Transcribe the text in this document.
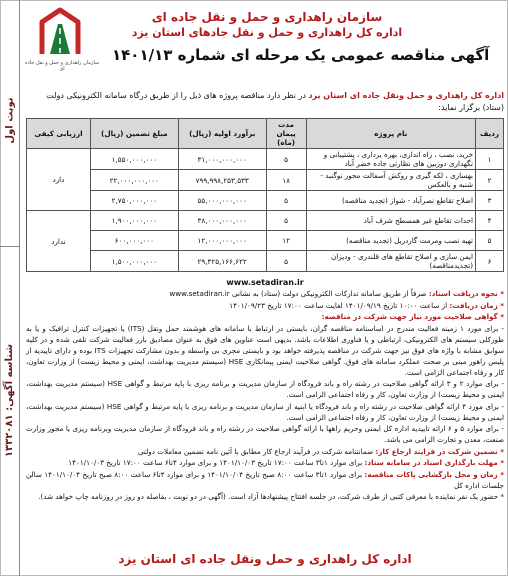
نوبت اول
شناسه آگهی: ۱۳۳۲۰۸۱
سازمان راهداری و حمل و نقل جاده ای
سازمان راهداری و حمل و نقل جاده ای
اداره کل راهداری و حمل و نقل جادهای استان یزد
آگهی مناقصه عمومی یک مرحله ای شماره ۱۴۰۱/۱۳
اداره کل راهداری و حمل ونقل جاده ای استان یزد در نظر دارد مناقصه پروژه های ذیل را از طریق درگاه سامانه الکترونیکی دولت (ستاد) برگزار نماید:
ردیف	نام پروژه	مدت پیمان (ماه)	برآورد اولیه (ریال)	مبلغ تضمین (ریال)	ارزیابی کیفی
۱	خرید، نصب ، راه اندازی، بهره برداری ، پشتیبانی و نگهداری دوربین های نظارتی جاده خضر آباد	۵	۳۱,۰۰۰,۰۰۰,۰۰۰	۱,۵۵۰,۰۰۰,۰۰۰	دارد
۲	بهسازی ، لکه گیری و روکش آسفالت محور نوگنبد - شنبه و بالعکس	۱۸	۷۹۹,۹۹۸,۲۵۳,۵۳۳	۲۲,۰۰۰,۰۰۰,۰۰۰	
۳	اصلاح تقاطع نصرآباد - شواز (تجدید مناقصه)	۵	۵۵,۰۰۰,۰۰۰,۰۰۰	۲,۷۵۰,۰۰۰,۰۰۰	
۴	احداث تقاطع غیر همسطح شرف آباد	۵	۳۸,۰۰۰,۰۰۰,۰۰۰	۱,۹۰۰,۰۰۰,۰۰۰	ندارد
۵	تهیه نصب ومرمت گاردریل (تجدید مناقصه)	۱۲	۱۲,۰۰۰,۰۰۰,۰۰۰	۶۰۰,۰۰۰,۰۰۰	
۶	ایمن سازی و اصلاح تقاطع های قلندری - ودیزان (تجدیدمناقصه)	۵	۲۹,۴۲۵,۱۶۶,۶۲۲	۱,۵۰۰,۰۰۰,۰۰۰	
www.setadiran.ir

* نحوه دریافت اسناد: صرفاً از طریق سامانه تدارکات الکترونیکی دولت (ستاد) به نشانی www.setadiran.ir

* زمان دریافت: از ساعت ۱۰:۰۰ تاریخ ۱۴۰۱/۰۹/۱۹ لغایت ساعت ۱۷:۰۰ تاریخ ۱۴۰۱/۰۹/۲۳

* گواهی صلاحیت مورد نیاز جهت شرکت در مناقصه:

- برای مورد ۱ زمینه فعالیت مندرج در اساسنامه مناقصه گران، بایستی در ارتباط با سامانه های هوشمند حمل ونقل (ITS) یا تجهیزات کنترل ترافیک و یا به طورکلی سیستم های الکترونیکی، ارتباطی و یا فناوری اطلاعات باشد. بدیهی است عناوین های فوق به عنوان مصادیق بارز فعالیت شرکت تلقی شده و در کلیه سوابق مشابه با واژه های فوق نیز جهت شرکت در مناقصه پذیرفته خواهد بود و بایستی مجری بی واسطه و بدون مشارکت تجهیزات ITS بوده و دارای تاییدیه از پلیس راهور مبنی بر صحت عملکرد سامانه های فوق. گواهی صلاحیت ایمنی پیمانکاری HSE (سیستم مدیریت بهداشت، ایمنی و محیط زیست) از وزارت تعاون، کار و رفاه اجتماعی الزامی است.

- برای موارد ۲ و ۳ ارائه گواهی صلاحیت در رشته راه و باند فرودگاه از سازمان مدیریت و برنامه ریزی با پایه مرتبط و گواهی HSE (سیستم مدیریت بهداشت، ایمنی و محیط زیست) از وزارت تعاون، کار و رفاه اجتماعی الزامی است.

- برای مورد ۴ ارائه گواهی صلاحیت در رشته راه و باند فرودگاه یا ابنیه از سازمان مدیریت و برنامه ریزی با پایه مرتبط و گواهی HSE (سیستم مدیریت بهداشت، ایمنی و محیط زیست) از وزارت تعاون، کار و رفاه اجتماعی الزامی است.

- برای موارد ۵ و ۶ ارائه تاییدیه اداره کل ایمنی وحریم راهها یا ارائه گواهی صلاحیت در رشته راه و باند فرودگاه از سازمان مدیریت وبرنامه ریزی یا مجوز وزارت صنعت، معدن و تجارت الزامی می باشد.

* تضمین شرکت در فرایند ارجاع کار: ضمانتنامه شرکت در فرآیند ارجاع کار مطابق با آئین نامه تضمین معاملات دولتی

* مهلت بارگذاری اسناد در سامانه ستاد: برای موارد ۱تا۳ ساعت ۱۷:۰۰ تاریخ ۱۴۰۱/۱۰/۰۳ و برای موارد ۴تا۶ ساعت ۱۷:۰۰ تاریخ ۱۴۰۱/۱۰/۰۳

* زمان و محل بازگشایی پاکات مناقصه: برای موارد ۱تا۳ ساعت ۸:۰۰ صبح تاریخ ۱۴۰۱/۱۰/۰۴ و برای موارد ۴تا۶ ساعت ۸:۰۰ صبح تاریخ ۱۴۰۱/۱۰/۰۴ سالن جلسات اداره کل

* حضور یک نفر نماینده با معرفی کتبی از طرف شرکت، در جلسه افتتاح پیشنهادها آزاد است. (آگهی در دو نوبت ، بفاصله دو روز در روزنامه چاپ خواهد شد).

اداره کل راهداری و حمل ونقل جاده ای استان یزد
